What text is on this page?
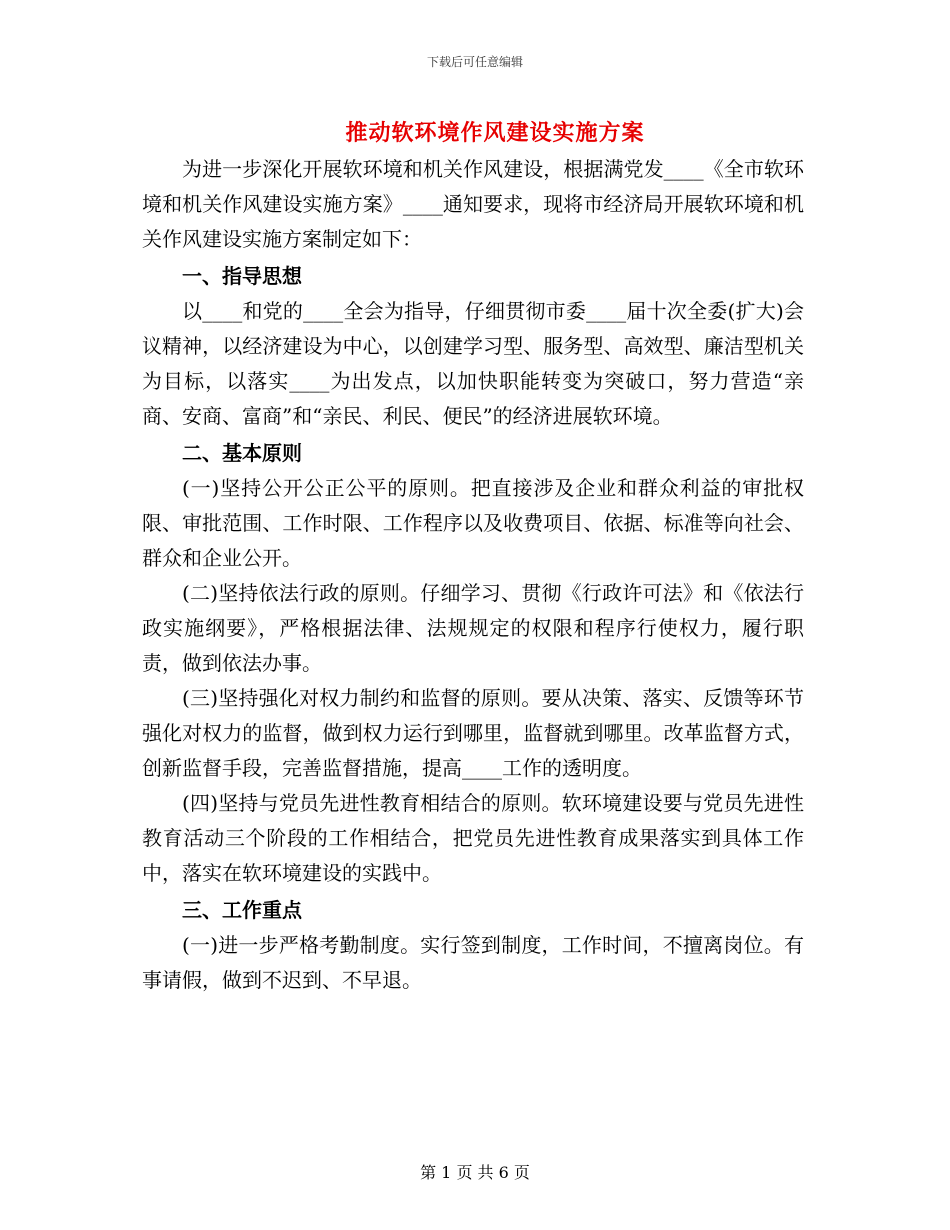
下载后可任意编辑
推动软环境作风建设实施方案

为进一步深化开展软环境和机关作风建设，根据满党发____《全市软环境和机关作风建设实施方案》____通知要求，现将市经济局开展软环境和机关作风建设实施方案制定如下：

一、指导思想

以____和党的____全会为指导，仔细贯彻市委____届十次全委(扩大)会议精神，以经济建设为中心，以创建学习型、服务型、高效型、廉洁型机关为目标，以落实____为出发点，以加快职能转变为突破口，努力营造“亲商、安商、富商”和“亲民、利民、便民”的经济进展软环境。

二、基本原则

(一)坚持公开公正公平的原则。把直接涉及企业和群众利益的审批权限、审批范围、工作时限、工作程序以及收费项目、依据、标准等向社会、群众和企业公开。

(二)坚持依法行政的原则。仔细学习、贯彻《行政许可法》和《依法行政实施纲要》，严格根据法律、法规规定的权限和程序行使权力，履行职责，做到依法办事。

(三)坚持强化对权力制约和监督的原则。要从决策、落实、反馈等环节强化对权力的监督，做到权力运行到哪里，监督就到哪里。改革监督方式，创新监督手段，完善监督措施，提高____工作的透明度。

(四)坚持与党员先进性教育相结合的原则。软环境建设要与党员先进性教育活动三个阶段的工作相结合，把党员先进性教育成果落实到具体工作中，落实在软环境建设的实践中。

三、工作重点

(一)进一步严格考勤制度。实行签到制度，工作时间，不擅离岗位。有事请假，做到不迟到、不早退。

第 1 页 共 6 页
